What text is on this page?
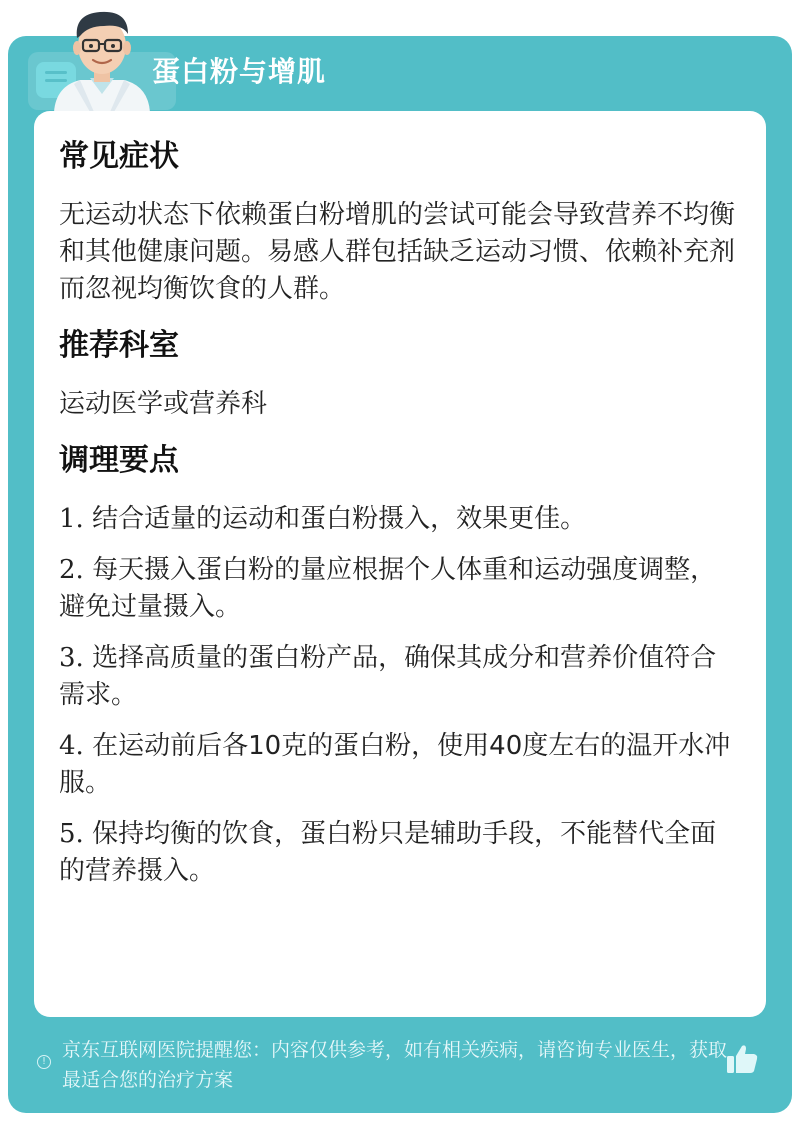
蛋白粉与增肌
常见症状
无运动状态下依赖蛋白粉增肌的尝试可能会导致营养不均衡和其他健康问题。易感人群包括缺乏运动习惯、依赖补充剂而忽视均衡饮食的人群。
推荐科室
运动医学或营养科
调理要点
1. 结合适量的运动和蛋白粉摄入，效果更佳。
2. 每天摄入蛋白粉的量应根据个人体重和运动强度调整，避免过量摄入。
3. 选择高质量的蛋白粉产品，确保其成分和营养价值符合需求。
4. 在运动前后各10克的蛋白粉，使用40度左右的温开水冲服。
5. 保持均衡的饮食，蛋白粉只是辅助手段，不能替代全面的营养摄入。
!
京东互联网医院提醒您：内容仅供参考，如有相关疾病，请咨询专业医生，获取最适合您的治疗方案
